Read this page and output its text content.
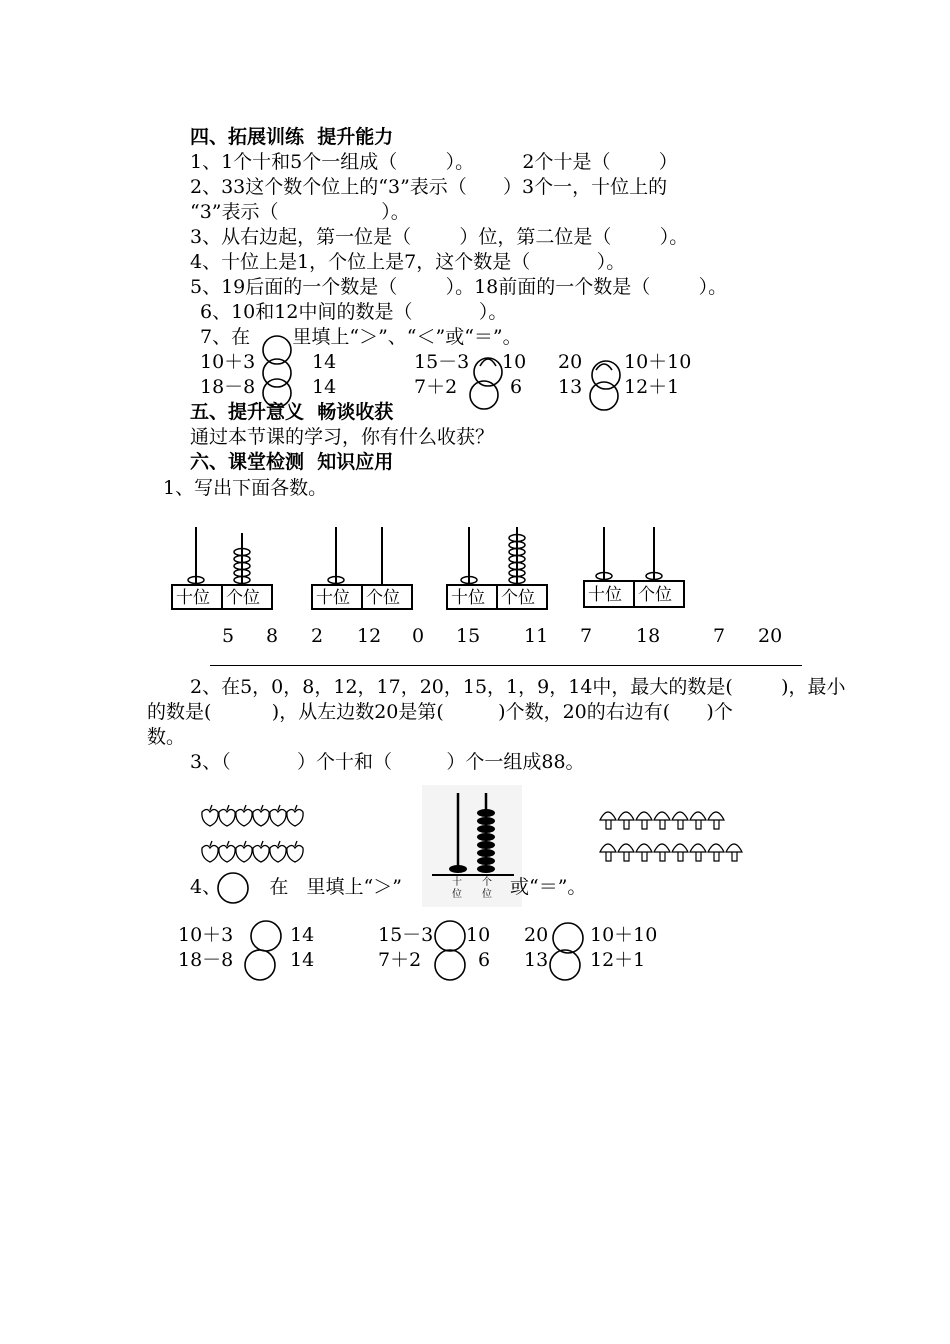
四、拓展训练  提升能力
1、1个十和5个一组成（        ）。        2个十是（        ）
2、33这个数个位上的“3”表示（      ）3个一，十位上的
“3”表示（                 ）。
3、从右边起，第一位是（        ）位，第二位是（        ）。
4、十位上是1，个位上是7，这个数是（           ）。
5、19后面的一个数是（        ）。18前面的一个数是（        ）。
6、10和12中间的数是（           ）。
7、在       里填上“＞”、“＜”或“＝”。
10＋3	14	15－3 10 20 10＋10
18－8	14	7＋2	6 13 12＋1
五、提升意义  畅谈收获
通过本节课的学习，你有什么收获？
六、课堂检测  知识应用
1、写出下面各数。
十位 个位	十位 个位	十位 个位	十位 个位
5 8 2 12 0 15 11 7 18	7 20
2、在5，0，8，12，17，20，15，1，9，14中，最大的数是(        )，最小
的数是(          )，从左边数20是第(         )个数，20的右边有(      )个
数。
3、（           ）个十和（         ）个一组成88。
十
位
个
位
4、        在   里填上“＞”	或“＝”。
10＋3	14	15－3 10 20 10＋10
18－8	14	7＋2	6 13 12＋1
